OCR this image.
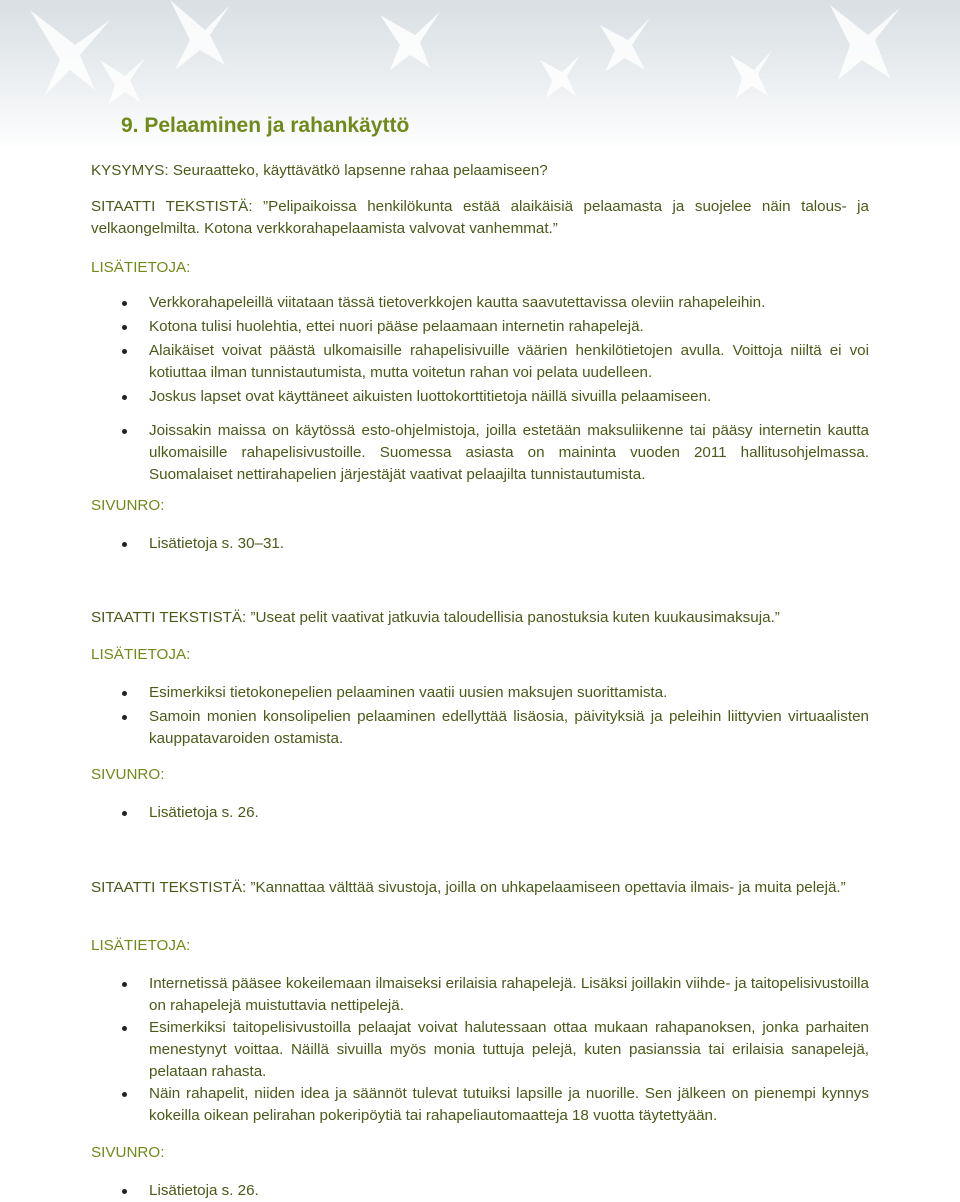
9. Pelaaminen ja rahankäyttö
KYSYMYS: Seuraatteko, käyttävätkö lapsenne rahaa pelaamiseen?
SITAATTI TEKSTISTÄ: ”Pelipaikoissa henkilökunta estää alaikäisiä pelaamasta ja suojelee näin talous- ja velkaongelmilta. Kotona verkkorahapelaamista valvovat vanhemmat.”
LISÄTIETOJA:
Verkkorahapeleillä viitataan tässä tietoverkkojen kautta saavutettavissa oleviin rahapeleihin.
Kotona tulisi huolehtia, ettei nuori pääse pelaamaan internetin rahapelejä.
Alaikäiset voivat päästä ulkomaisille rahapelisivuille väärien henkilötietojen avulla. Voittoja niiltä ei voi kotiuttaa ilman tunnistautumista, mutta voitetun rahan voi pelata uudelleen.
Joskus lapset ovat käyttäneet aikuisten luottokorttitietoja näillä sivuilla pelaamiseen.
Joissakin maissa on käytössä esto-ohjelmistoja, joilla estetään maksuliikenne tai pääsy internetin kautta ulkomaisille rahapelisivustoille. Suomessa asiasta on maininta vuoden 2011 hallitusohjelmassa. Suomalaiset nettirahapelien järjestäjät vaativat pelaajilta tunnistautumista.
SIVUNRO:
Lisätietoja s. 30–31.
SITAATTI TEKSTISTÄ: ”Useat pelit vaativat jatkuvia taloudellisia panostuksia kuten kuukausimaksuja.”
LISÄTIETOJA:
Esimerkiksi tietokonepelien pelaaminen vaatii uusien maksujen suorittamista.
Samoin monien konsolipelien pelaaminen edellyttää lisäosia, päivityksiä ja peleihin liittyvien virtuaalisten kauppatavaroiden ostamista.
SIVUNRO:
Lisätietoja s. 26.
SITAATTI TEKSTISTÄ: ”Kannattaa välttää sivustoja, joilla on uhkapelaamiseen opettavia ilmais- ja muita pelejä.”
LISÄTIETOJA:
Internetissä pääsee kokeilemaan ilmaiseksi erilaisia rahapelejä. Lisäksi joillakin viihde- ja taitopelisivustoilla on rahapelejä muistuttavia nettipelejä.
Esimerkiksi taitopelisivustoilla pelaajat voivat halutessaan ottaa mukaan rahapanoksen, jonka parhaiten menestynyt voittaa. Näillä sivuilla myös monia tuttuja pelejä, kuten pasianssia tai erilaisia sanapelejä, pelataan rahasta.
Näin rahapelit, niiden idea ja säännöt tulevat tutuiksi lapsille ja nuorille. Sen jälkeen on pienempi kynnys kokeilla oikean pelirahan pokeripöytiä tai rahapeliautomaatteja 18 vuotta täytettyään.
SIVUNRO:
Lisätietoja s. 26.
